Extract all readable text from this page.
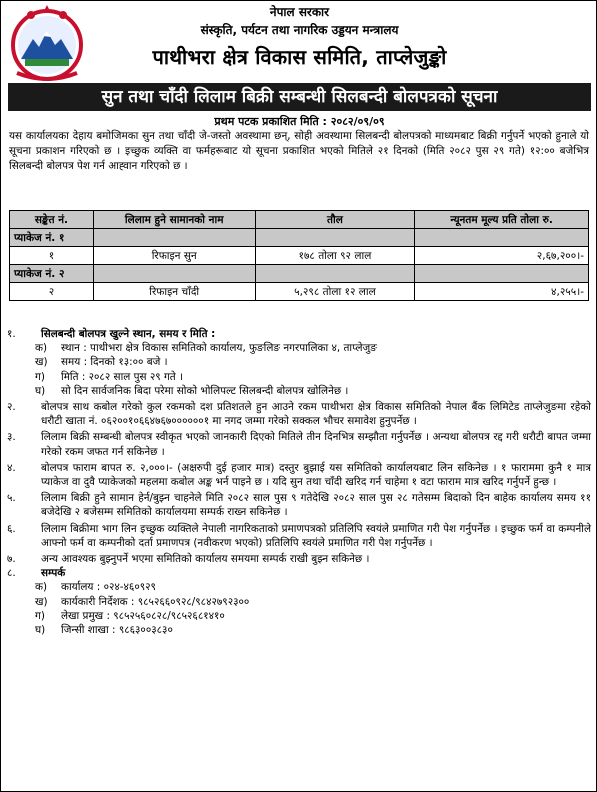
नेपाल सरकार
संस्कृति, पर्यटन तथा नागरिक उड्डयन मन्त्रालय
पाथीभरा क्षेत्र विकास समिति, ताप्लेजुङ्को
सुन तथा चाँदी लिलाम बिक्री सम्बन्धी सिलबन्दी बोलपत्रको सूचना
प्रथम पटक प्रकाशित मिति : २०८२/०९/०९
यस कार्यालयका देहाय बमोजिमका सुन तथा चाँदी जे-जस्तो अवस्थामा छन्, सोही अवस्थामा सिलबन्दी बोलपत्रको माध्यमबाट बिक्री गर्नुपर्ने भएको हुनाले यो सूचना प्रकाशन गरिएको छ । इच्छुक व्यक्ति वा फर्महरूबाट यो सूचना प्रकाशित भएको मितिले २१ दिनको (मिति २०८२ पुस २९ गते) १२:०० बजेभित्र सिलबन्दी बोलपत्र पेश गर्न आह्‍वान गरिएको छ ।
सङ्केत नं.	लिलाम हुने सामानको नाम	तौल	न्यूनतम मूल्य प्रति तोला रु.
प्याकेज नं. १			
१	रिफाइन सुन	१७८ तोला ९२ लाल	२,६७,२००।-
प्याकेज नं. २			
२	रिफाइन चाँदी	५,२९८ तोला १२ लाल	४,२५५।-
१.	सिलबन्दी बोलपत्र खुल्ने स्थान, समय र मिति :
क)	स्थान : पाथीभरा क्षेत्र विकास समितिको कार्यालय, फुङलिङ नगरपालिका ४, ताप्लेजुङ
ख)	समय : दिनको १३:०० बजे ।
ग)	मिति : २०८२ साल पुस २९ गते ।
घ)	सो दिन सार्वजनिक बिदा परेमा सोको भोलिपल्ट सिलबन्दी बोलपत्र खोलिनेछ ।
२.	बोलपत्र साथ कबोल गरेको कुल रकमको दश प्रतिशतले हुन आउने रकम पाथीभरा क्षेत्र विकास समितिको नेपाल बैंक लिमिटेड ताप्लेजुङमा रहेको धरौटी खाता नं. ०६२००१०६६४७६७००००००१ मा नगद जम्मा गरेको सक्कल भौचर समावेश हुनुपर्नेछ ।
३.	लिलाम बिक्री सम्बन्धी बोलपत्र स्वीकृत भएको जानकारी दिएको मितिले तीन दिनभित्र सम्झौता गर्नुपर्नेछ । अन्यथा बोलपत्र रद्द गरी धरौटी बापत जम्मा गरेको रकम जफत गर्न सकिनेछ ।
४.	बोलपत्र फाराम बापत रु. २,०००।- (अक्षरुपी दुई हजार मात्र) दस्तुर बुझाई यस समितिको कार्यालयबाट लिन सकिनेछ । १ फाराममा कुनै १ मात्र प्याकेज वा दुवै प्याकेजको महलमा कबोल अङ्क भर्न पाइने छ । यदि सुन तथा चाँदी खरिद गर्न चाहेमा १ वटा फाराम मात्र खरिद गर्नुपर्ने हुन्छ ।
५.	लिलाम बिक्री हुने सामान हेर्न/बुझ्न चाहनेले मिति २०८२ साल पुस ९ गतेदेखि २०८२ साल पुस २८ गतेसम्म बिदाको दिन बाहेक कार्यालय समय ११ बजेदेखि २ बजेसम्म समितिको कार्यालयमा सम्पर्क राख्न सकिनेछ ।
६.	लिलाम बिक्रीमा भाग लिन इच्छुक व्यक्तिले नेपाली नागरिकताको प्रमाणपत्रको प्रतिलिपि स्वयंले प्रमाणित गरी पेश गर्नुपर्नेछ । इच्छुक फर्म वा कम्पनीले आफ्नो फर्म वा कम्पनीको दर्ता प्रमाणपत्र (नवीकरण भएको) प्रतिलिपि स्वयंले प्रमाणित गरी पेश गर्नुपर्नेछ ।
७.	अन्य आवश्यक बुझ्नुपर्ने भएमा समितिको कार्यालय समयमा सम्पर्क राखी बुझ्न सकिनेछ ।
८.	सम्पर्क
क)	कार्यालय : ०२४-४६०९२९
ख)	कार्यकारी निर्देशक : ९८५२६६०९२८/९८४२७९२३००
ग)	लेखा प्रमुख : ९८५२५६०८२८/९८५२६८१४१०
घ)	जिन्सी शाखा : ९८६३००३८३०
